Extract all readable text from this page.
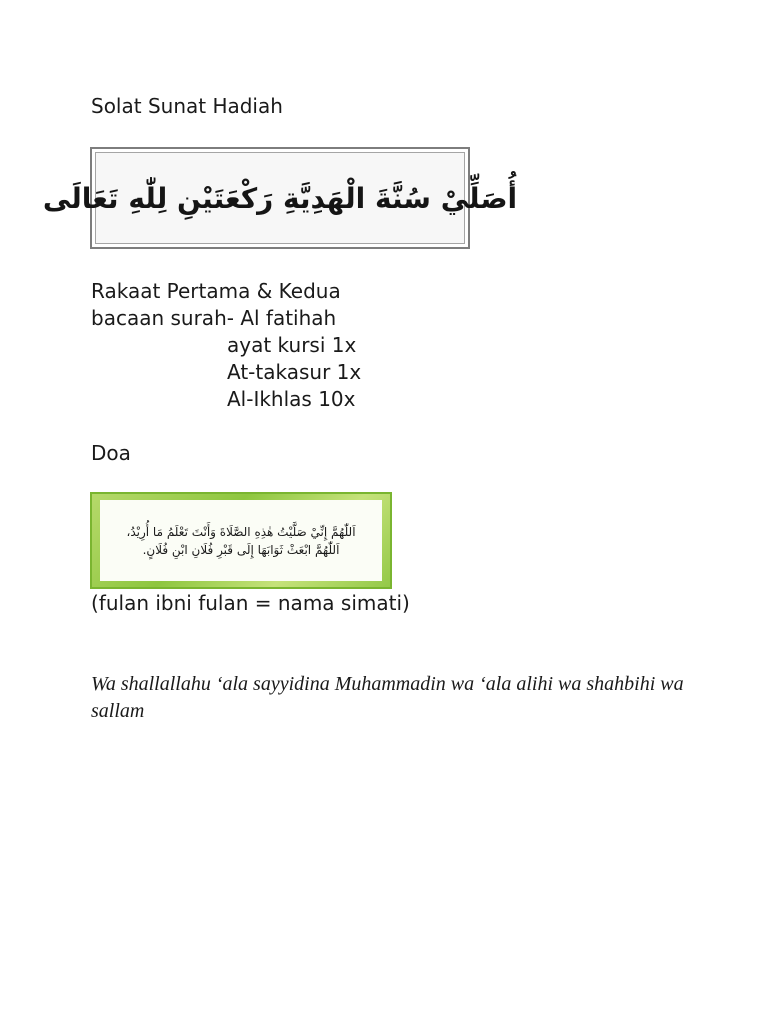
Solat Sunat Hadiah

أُصَلِّيْ سُنَّةَ الْهَدِيَّةِ رَكْعَتَيْنِ لِلّٰهِ تَعَالَى

Rakaat Pertama & Kedua

bacaan surah- Al fatihah

ayat kursi 1x

At-takasur 1x

Al-Ikhlas 10x

Doa

اَللّٰهُمَّ إِنِّيْ صَلَّيْتُ هٰذِهِ الصَّلَاةَ وَأَنْتَ تَعْلَمُ مَا أُرِيْدُ،
اَللّٰهُمَّ ابْعَثْ ثَوَابَهَا إِلَى قَبْرِ فُلَانِ ابْنِ فُلَانٍ.

(fulan ibni fulan = nama simati)

Wa shallallahu ‘ala sayyidina Muhammadin wa ‘ala alihi wa shahbihi wa sallam
